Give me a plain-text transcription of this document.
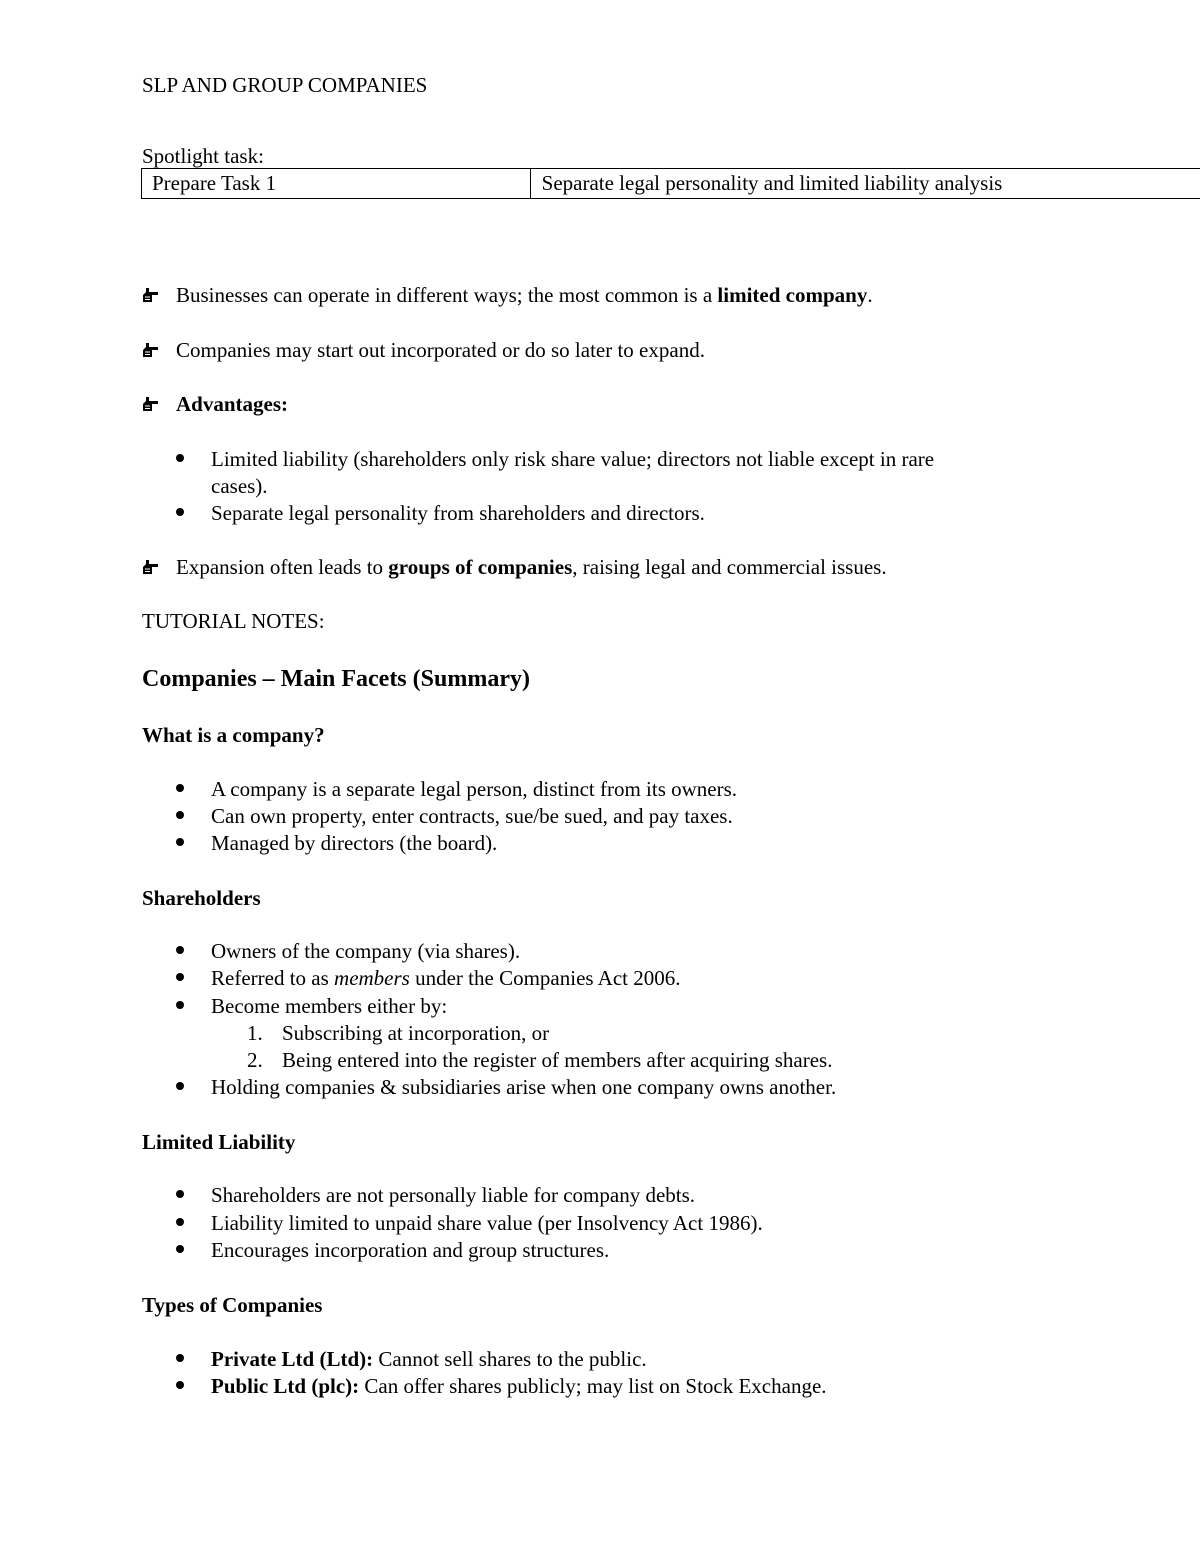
SLP AND GROUP COMPANIES
Spotlight task:
Prepare Task 1	Separate legal personality and limited liability analysis
Businesses can operate in different ways; the most common is a limited company.
Companies may start out incorporated or do so later to expand.
Advantages:
Limited liability (shareholders only risk share value; directors not liable except in rare
cases).
Separate legal personality from shareholders and directors.
Expansion often leads to groups of companies, raising legal and commercial issues.
TUTORIAL NOTES:
Companies – Main Facets (Summary)
What is a company?
A company is a separate legal person, distinct from its owners.
Can own property, enter contracts, sue/be sued, and pay taxes.
Managed by directors (the board).
Shareholders
Owners of the company (via shares).
Referred to as members under the Companies Act 2006.
Become members either by:
1. Subscribing at incorporation, or
2. Being entered into the register of members after acquiring shares.
Holding companies & subsidiaries arise when one company owns another.
Limited Liability
Shareholders are not personally liable for company debts.
Liability limited to unpaid share value (per Insolvency Act 1986).
Encourages incorporation and group structures.
Types of Companies
Private Ltd (Ltd): Cannot sell shares to the public.
Public Ltd (plc): Can offer shares publicly; may list on Stock Exchange.
